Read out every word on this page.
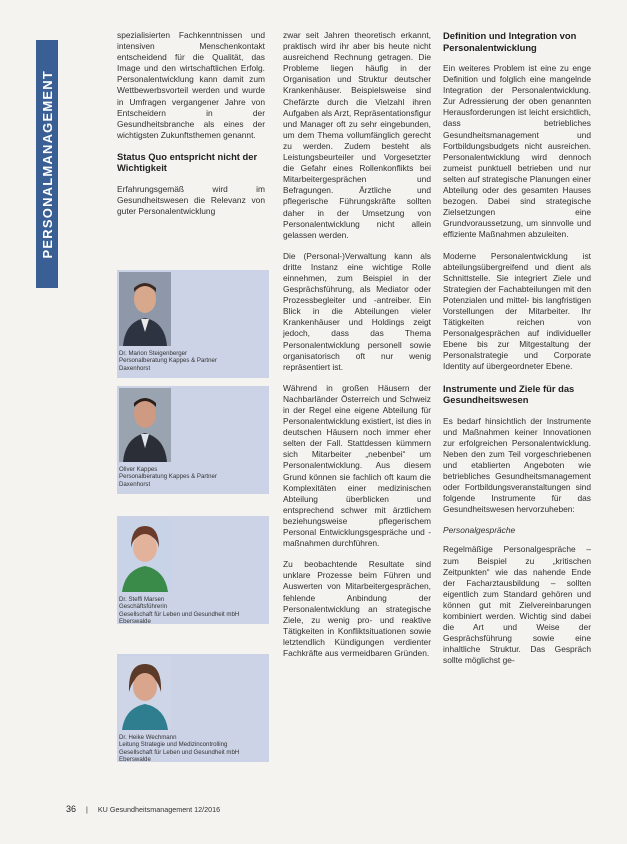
PERSONALMANAGEMENT

spezialisierten Fachkenntnissen und intensiven Menschenkontakt entscheidend für die Qualität, das Image und den wirtschaftlichen Erfolg. Personalentwicklung kann damit zum Wettbewerbsvorteil werden und wurde in Umfragen vergangener Jahre von Entscheidern in der Gesundheitsbranche als eines der wichtigsten Zukunftsthemen genannt.

Status Quo entspricht nicht der Wichtigkeit

Erfahrungsgemäß wird im Gesundheitswesen die Relevanz von guter Personalentwicklung

Dr. Marion Steigenberger
Personalberatung Kappes & Partner
Daxenhorst
Oliver Kappes
Personalberatung Kappes & Partner
Daxenhorst
Dr. Steffi Marsen
Geschäftsführerin
Gesellschaft für Leben und Gesundheit mbH
Eberswalde
Dr. Heike Wechmann
Leitung Strategie und Medizincontrolling
Gesellschaft für Leben und Gesundheit mbH
Eberswalde

zwar seit Jahren theoretisch erkannt, praktisch wird ihr aber bis heute nicht ausreichend Rechnung getragen. Die Probleme liegen häufig in der Organisation und Struktur deutscher Krankenhäuser. Beispielsweise sind Chefärzte durch die Vielzahl ihren Aufgaben als Arzt, Repräsentationsfigur und Manager oft zu sehr eingebunden, um dem Thema vollumfänglich gerecht zu werden. Zudem besteht als Leistungsbeurteiler und Vorgesetzter die Gefahr eines Rollenkonflikts bei Mitarbeitergesprächen und Befragungen. Ärztliche und pflegerische Führungskräfte sollten daher in der Umsetzung von Personalentwicklung nicht allein gelassen werden.

Die (Personal-)Verwaltung kann als dritte Instanz eine wichtige Rolle einnehmen, zum Beispiel in der Gesprächsführung, als Mediator oder Prozessbegleiter und -antreiber. Ein Blick in die Abteilungen vieler Krankenhäuser und Holdings zeigt jedoch, dass das Thema Personalentwicklung personell sowie organisatorisch oft nur wenig repräsentiert ist.

Während in großen Häusern der Nachbarländer Österreich und Schweiz in der Regel eine eigene Abteilung für Personalentwicklung existiert, ist dies in deutschen Häusern noch immer eher selten der Fall. Stattdessen kümmern sich Mitarbeiter „nebenbei“ um Personalentwicklung. Aus diesem Grund können sie fachlich oft kaum die Komplexitäten einer medizinischen Abteilung überblicken und entsprechend schwer mit ärztlichem beziehungsweise pflegerischem Personal Entwicklungsgespräche und -maßnahmen durchführen.

Zu beobachtende Resultate sind unklare Prozesse beim Führen und Auswerten von Mitarbeitergesprächen, fehlende Anbindung der Personalentwicklung an strategische Ziele, zu wenig pro- und reaktive Tätigkeiten in Konfliktsituationen sowie letztendlich Kündigungen verdienter Fachkräfte aus vermeidbaren Gründen.

Definition und Integration von Personalentwicklung

Ein weiteres Problem ist eine zu enge Definition und folglich eine mangelnde Integration der Personalentwicklung. Zur Adressierung der oben genannten Herausforderungen ist leicht ersichtlich, dass betriebliches Gesundheitsmanagement und Fortbildungsbudgets nicht ausreichen. Personalentwicklung wird dennoch zumeist punktuell betrieben und nur selten auf strategische Planungen einer Abteilung oder des gesamten Hauses bezogen. Dabei sind strategische Zielsetzungen eine Grundvoraussetzung, um sinnvolle und effiziente Maßnahmen abzuleiten.

Moderne Personalentwicklung ist abteilungsübergreifend und dient als Schnittstelle. Sie integriert Ziele und Strategien der Fachabteilungen mit den Potenzialen und mittel- bis langfristigen Vorstellungen der Mitarbeiter. Ihr Tätigkeiten reichen von Personalgesprächen auf individueller Ebene bis zur Mitgestaltung der Personalstrategie und Corporate Identity auf übergeordneter Ebene.

Instrumente und Ziele für das Gesundheitswesen

Es bedarf hinsichtlich der Instrumente und Maßnahmen keiner Innovationen zur erfolgreichen Personalentwicklung. Neben den zum Teil vorgeschriebenen und etablierten Angeboten wie betriebliches Gesundheitsmanagement oder Fortbildungsveranstaltungen sind folgende Instrumente für das Gesundheitswesen hervorzuheben:

Personalgespräche

Regelmäßige Personalgespräche – zum Beispiel zu „kritischen Zeitpunkten“ wie das nahende Ende der Facharztausbildung – sollten eigentlich zum Standard gehören und können gut mit Zielvereinbarungen kombiniert werden. Wichtig sind dabei die Art und Weise der Gesprächsführung sowie eine inhaltliche Struktur. Das Gespräch sollte möglichst ge-

36 | KU Gesundheitsmanagement 12/2016
